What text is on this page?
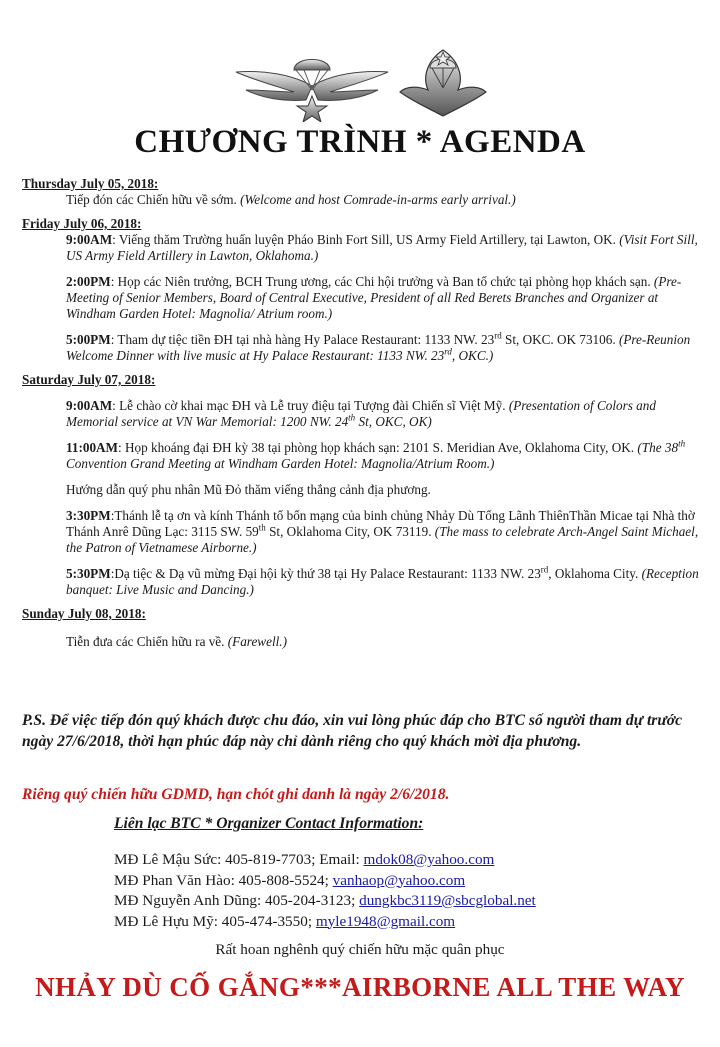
CHƯƠNG TRÌNH * AGENDA

Thursday July 05, 2018:

Tiếp đón các Chiến hữu về sớm. (Welcome and host Comrade-in-arms early arrival.)

Friday July 06, 2018:

9:00AM: Viếng thăm Trường huấn luyện Pháo Binh Fort Sill, US Army Field Artillery, tại Lawton, OK. (Visit Fort Sill, US Army Field Artillery in Lawton, Oklahoma.)

2:00PM: Họp các Niên trưởng, BCH Trung ương, các Chi hội trưởng và Ban tổ chức tại phòng họp khách sạn. (Pre-Meeting of Senior Members, Board of Central Executive, President of all Red Berets Branches and Organizer at Windham Garden Hotel: Magnolia/ Atrium room.)

5:00PM: Tham dự tiệc tiền ĐH tại nhà hàng Hy Palace Restaurant: 1133 NW. 23rd St, OKC. OK 73106. (Pre-Reunion Welcome Dinner with live music at Hy Palace Restaurant: 1133 NW. 23rd, OKC.)

Saturday July 07, 2018:

9:00AM: Lễ chào cờ khai mạc ĐH và Lễ truy điệu tại Tượng đài Chiến sĩ Việt Mỹ. (Presentation of Colors and Memorial service at VN War Memorial: 1200 NW. 24th St, OKC, OK)

11:00AM: Họp khoáng đại ĐH kỳ 38 tại phòng họp khách sạn: 2101 S. Meridian Ave, Oklahoma City, OK. (The 38th Convention Grand Meeting at Windham Garden Hotel: Magnolia/Atrium Room.)

Hướng dẫn quý phu nhân Mũ Đỏ thăm viếng thắng cảnh địa phương.

3:30PM:Thánh lễ tạ ơn và kính Thánh tổ bổn mạng của binh chủng Nhảy Dù Tổng Lãnh ThiênThần Micae tại Nhà thờ Thánh Anrê Dũng Lạc: 3115 SW. 59th St, Oklahoma City, OK 73119. (The mass to celebrate Arch-Angel Saint Michael, the Patron of Vietnamese Airborne.)

5:30PM:Dạ tiệc & Dạ vũ mừng Đại hội kỳ thứ 38 tại Hy Palace Restaurant: 1133 NW. 23rd, Oklahoma City. (Reception banquet: Live Music and Dancing.)

Sunday July 08, 2018:

Tiễn đưa các Chiến hữu ra về. (Farewell.)

P.S. Để việc tiếp đón quý khách được chu đáo, xin vui lòng phúc đáp cho BTC số người tham dự trước ngày 27/6/2018, thời hạn phúc đáp này chỉ dành riêng cho quý khách mời địa phương.
Riêng quý chiến hữu GDMD, hạn chót ghi danh là ngày 2/6/2018.
Liên lạc BTC * Organizer Contact Information:
MĐ Lê Mậu Sức: 405-819-7703; Email: mdok08@yahoo.com
MĐ Phan Văn Hào: 405-808-5524; vanhaop@yahoo.com
MĐ Nguyễn Anh Dũng: 405-204-3123; dungkbc3119@sbcglobal.net
MĐ Lê Hựu Mỹ: 405-474-3550; myle1948@gmail.com
Rất hoan nghênh quý chiến hữu mặc quân phục
NHẢY DÙ CỐ GẮNG***AIRBORNE ALL THE WAY
